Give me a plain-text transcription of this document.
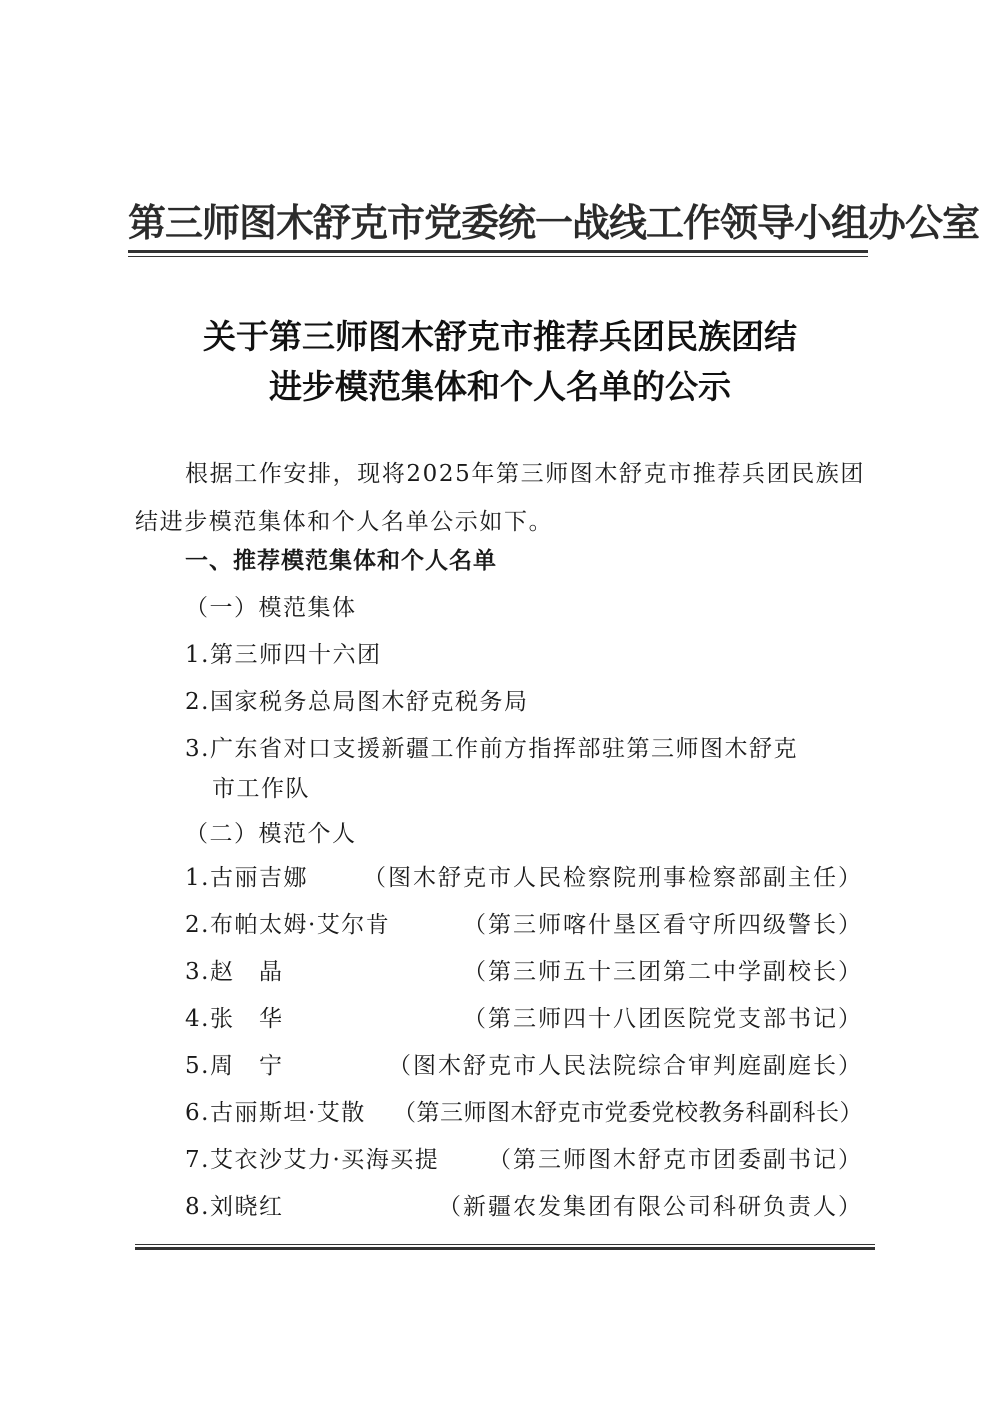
第三师图木舒克市党委统一战线工作领导小组办公室
关于第三师图木舒克市推荐兵团民族团结
进步模范集体和个人名单的公示
根据工作安排，现将2025年第三师图木舒克市推荐兵团民族团结进步模范集体和个人名单公示如下。
一、推荐模范集体和个人名单
（一）模范集体
1.第三师四十六团
2.国家税务总局图木舒克税务局
3.广东省对口支援新疆工作前方指挥部驻第三师图木舒克
市工作队
（二）模范个人
1.古丽吉娜 （图木舒克市人民检察院刑事检察部副主任）
2.布帕太姆·艾尔肯	（第三师喀什垦区看守所四级警长）
3.赵　晶	（第三师五十三团第二中学副校长）
4.张　华	（第三师四十八团医院党支部书记）
5.周　宁	（图木舒克市人民法院综合审判庭副庭长）
6.古丽斯坦·艾散 （第三师图木舒克市党委党校教务科副科长）
7.艾衣沙艾力·买海买提 （第三师图木舒克市团委副书记）
8.刘晓红	（新疆农发集团有限公司科研负责人）
